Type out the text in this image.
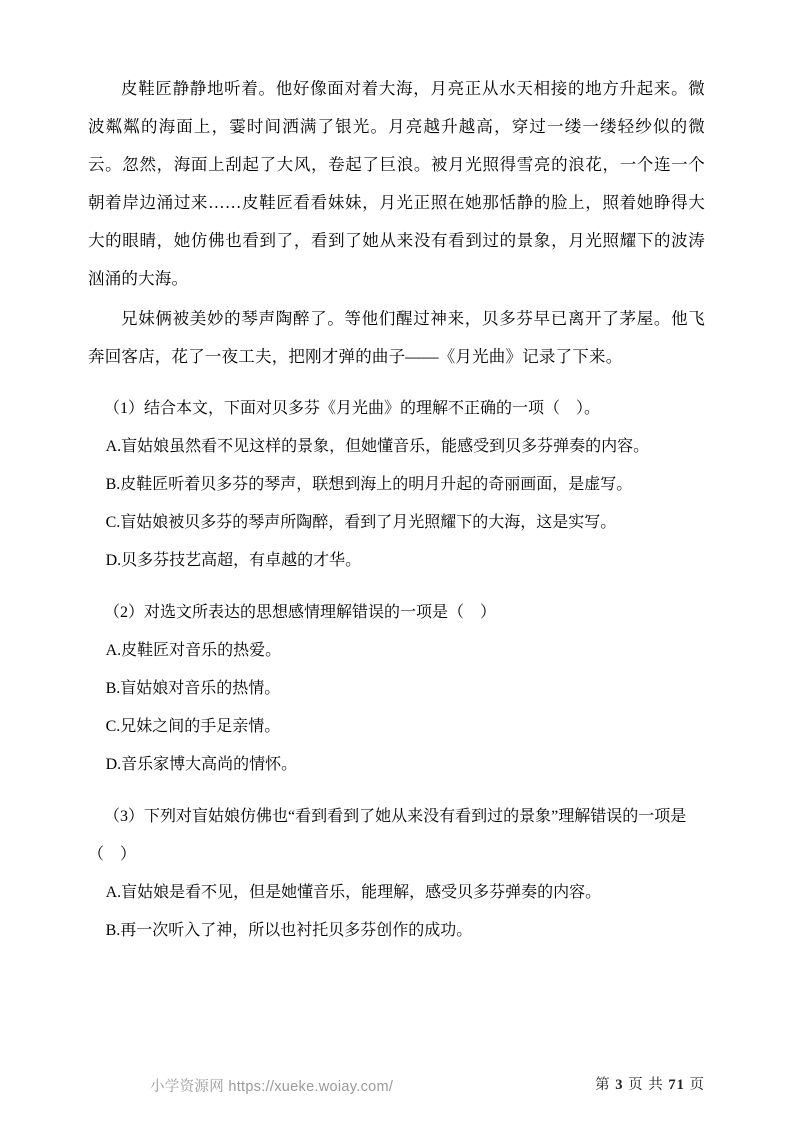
皮鞋匠静静地听着。他好像面对着大海，月亮正从水天相接的地方升起来。微波粼粼的海面上，霎时间洒满了银光。月亮越升越高，穿过一缕一缕轻纱似的微云。忽然，海面上刮起了大风，卷起了巨浪。被月光照得雪亮的浪花，一个连一个朝着岸边涌过来……皮鞋匠看看妹妹，月光正照在她那恬静的脸上，照着她睁得大大的眼睛，她仿佛也看到了，看到了她从来没有看到过的景象，月光照耀下的波涛汹涌的大海。

兄妹俩被美妙的琴声陶醉了。等他们醒过神来，贝多芬早已离开了茅屋。他飞奔回客店，花了一夜工夫，把刚才弹的曲子——《月光曲》记录了下来。

（1）结合本文，下面对贝多芬《月光曲》的理解不正确的一项（　）。

A.盲姑娘虽然看不见这样的景象，但她懂音乐，能感受到贝多芬弹奏的内容。

B.皮鞋匠听着贝多芬的琴声，联想到海上的明月升起的奇丽画面，是虚写。

C.盲姑娘被贝多芬的琴声所陶醉，看到了月光照耀下的大海，这是实写。

D.贝多芬技艺高超，有卓越的才华。

（2）对选文所表达的思想感情理解错误的一项是（　）

A.皮鞋匠对音乐的热爱。

B.盲姑娘对音乐的热情。

C.兄妹之间的手足亲情。

D.音乐家博大高尚的情怀。

（3）下列对盲姑娘仿佛也“看到看到了她从来没有看到过的景象”理解错误的一项是（　）

A.盲姑娘是看不见，但是她懂音乐，能理解，感受贝多芬弹奏的内容。

B.再一次听入了神，所以也衬托贝多芬创作的成功。

小学资源网 https://xueke.woiay.com/	第 3 页 共 71 页
